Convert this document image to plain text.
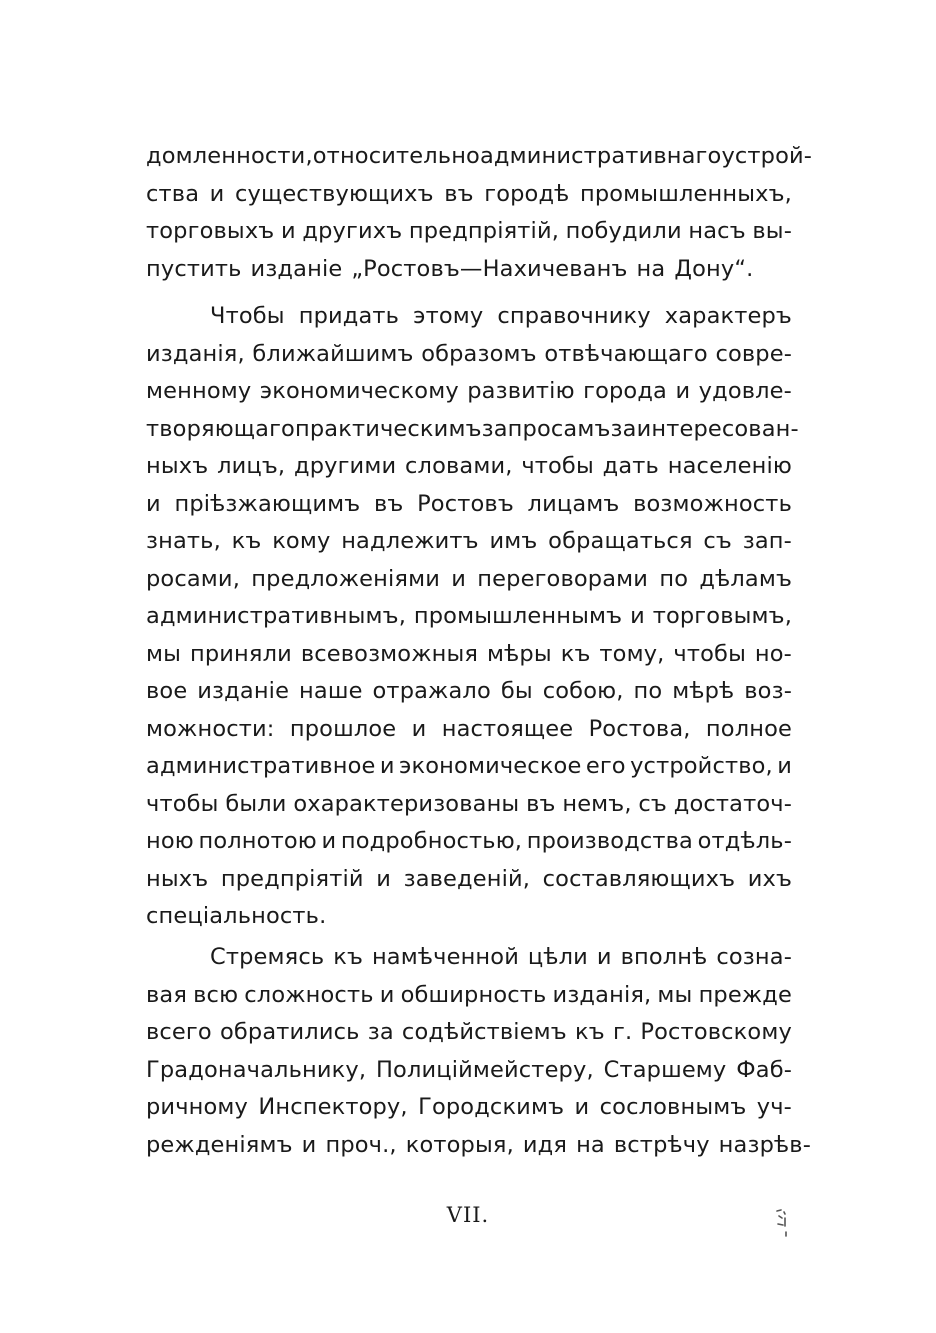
домленности, относительно административнаго устрой-
ства и существующихъ въ городѣ промышленныхъ,
торговыхъ и другихъ предпріятій, побудили насъ вы-
пустить изданіе „Ростовъ—Нахичеванъ на Дону“.
Чтобы придать этому справочнику характеръ
изданія, ближайшимъ образомъ отвѣчающаго совре-
менному экономическому развитію города и удовле-
творяющаго практическимъ запросамъ заинтересован-
ныхъ лицъ, другими словами, чтобы дать населенію
и пріѣзжающимъ въ Ростовъ лицамъ возможность
знать, къ кому надлежитъ имъ обращаться съ зап-
росами, предложеніями и переговорами по дѣламъ
административнымъ, промышленнымъ и торговымъ,
мы приняли всевозможныя мѣры къ тому, чтобы но-
вое изданіе наше отражало бы собою, по мѣрѣ воз-
можности: прошлое и настоящее Ростова, полное
административное и экономическое его устройство, и
чтобы были охарактеризованы въ немъ, съ достаточ-
ною полнотою и подробностью, производства отдѣль-
ныхъ предпріятій и заведеній, составляющихъ ихъ
спеціальность.
Стремясь къ намѣченной цѣли и вполнѣ созна-
вая всю сложность и обширность изданія, мы прежде
всего обратились за содѣйствіемъ къ г. Ростовскому
Градоначальнику, Полиціймейстеру, Старшему Фаб-
ричному Инспектору, Городскимъ и сословнымъ уч-
режденіямъ и проч., которыя, идя на встрѣчу назрѣв-
VII.
